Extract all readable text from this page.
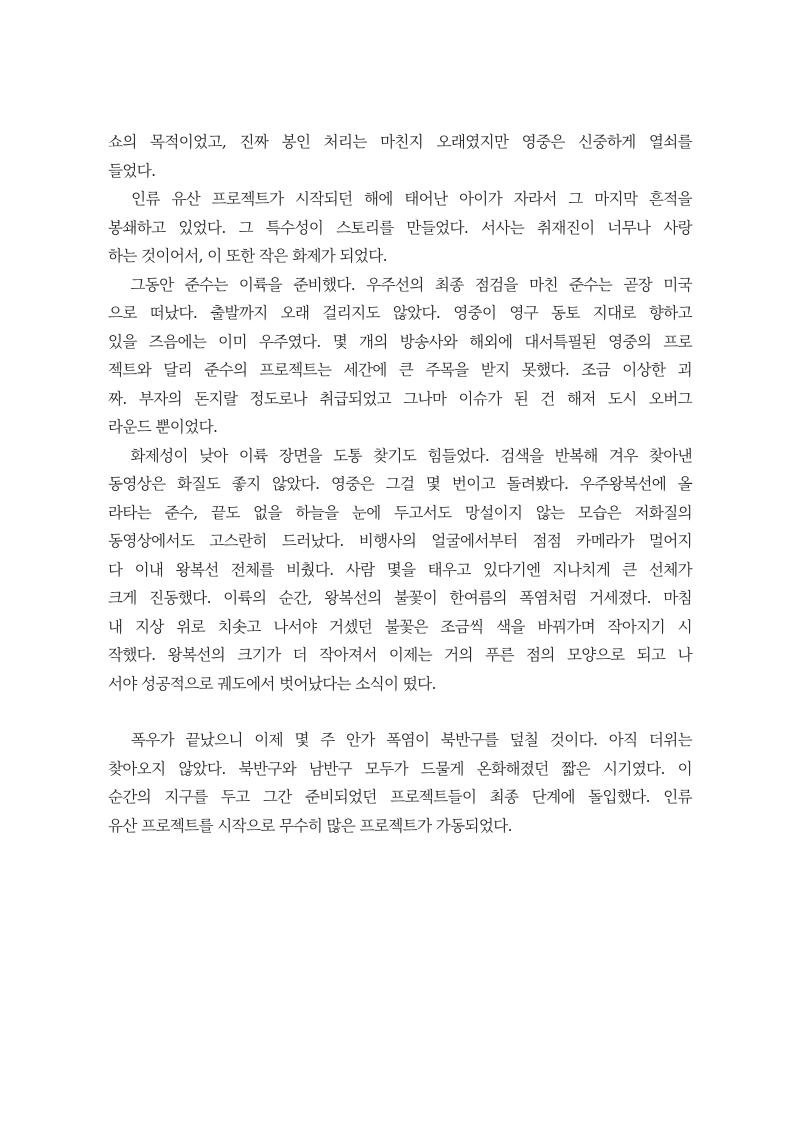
쇼의 목적이었고, 진짜 봉인 처리는 마친지 오래였지만 영중은 신중하게 열쇠를
들었다.
인류 유산 프로젝트가 시작되던 해에 태어난 아이가 자라서 그 마지막 흔적을
봉쇄하고 있었다. 그 특수성이 스토리를 만들었다. 서사는 취재진이 너무나 사랑
하는 것이어서, 이 또한 작은 화제가 되었다.
그동안 준수는 이륙을 준비했다. 우주선의 최종 점검을 마친 준수는 곧장 미국
으로 떠났다. 출발까지 오래 걸리지도 않았다. 영중이 영구 동토 지대로 향하고
있을 즈음에는 이미 우주였다. 몇 개의 방송사와 해외에 대서특필된 영중의 프로
젝트와 달리 준수의 프로젝트는 세간에 큰 주목을 받지 못했다. 조금 이상한 괴
짜. 부자의 돈지랄 정도로나 취급되었고 그나마 이슈가 된 건 해저 도시 오버그
라운드 뿐이었다.
화제성이 낮아 이륙 장면을 도통 찾기도 힘들었다. 검색을 반복해 겨우 찾아낸
동영상은 화질도 좋지 않았다. 영중은 그걸 몇 번이고 돌려봤다. 우주왕복선에 올
라타는 준수, 끝도 없을 하늘을 눈에 두고서도 망설이지 않는 모습은 저화질의
동영상에서도 고스란히 드러났다. 비행사의 얼굴에서부터 점점 카메라가 멀어지
다 이내 왕복선 전체를 비췄다. 사람 몇을 태우고 있다기엔 지나치게 큰 선체가
크게 진동했다. 이륙의 순간, 왕복선의 불꽃이 한여름의 폭염처럼 거세졌다. 마침
내 지상 위로 치솟고 나서야 거셌던 불꽃은 조금씩 색을 바꿔가며 작아지기 시
작했다. 왕복선의 크기가 더 작아져서 이제는 거의 푸른 점의 모양으로 되고 나
서야 성공적으로 궤도에서 벗어났다는 소식이 떴다.
폭우가 끝났으니 이제 몇 주 안가 폭염이 북반구를 덮칠 것이다. 아직 더위는
찾아오지 않았다. 북반구와 남반구 모두가 드물게 온화해졌던 짧은 시기였다. 이
순간의 지구를 두고 그간 준비되었던 프로젝트들이 최종 단계에 돌입했다. 인류
유산 프로젝트를 시작으로 무수히 많은 프로젝트가 가동되었다.
